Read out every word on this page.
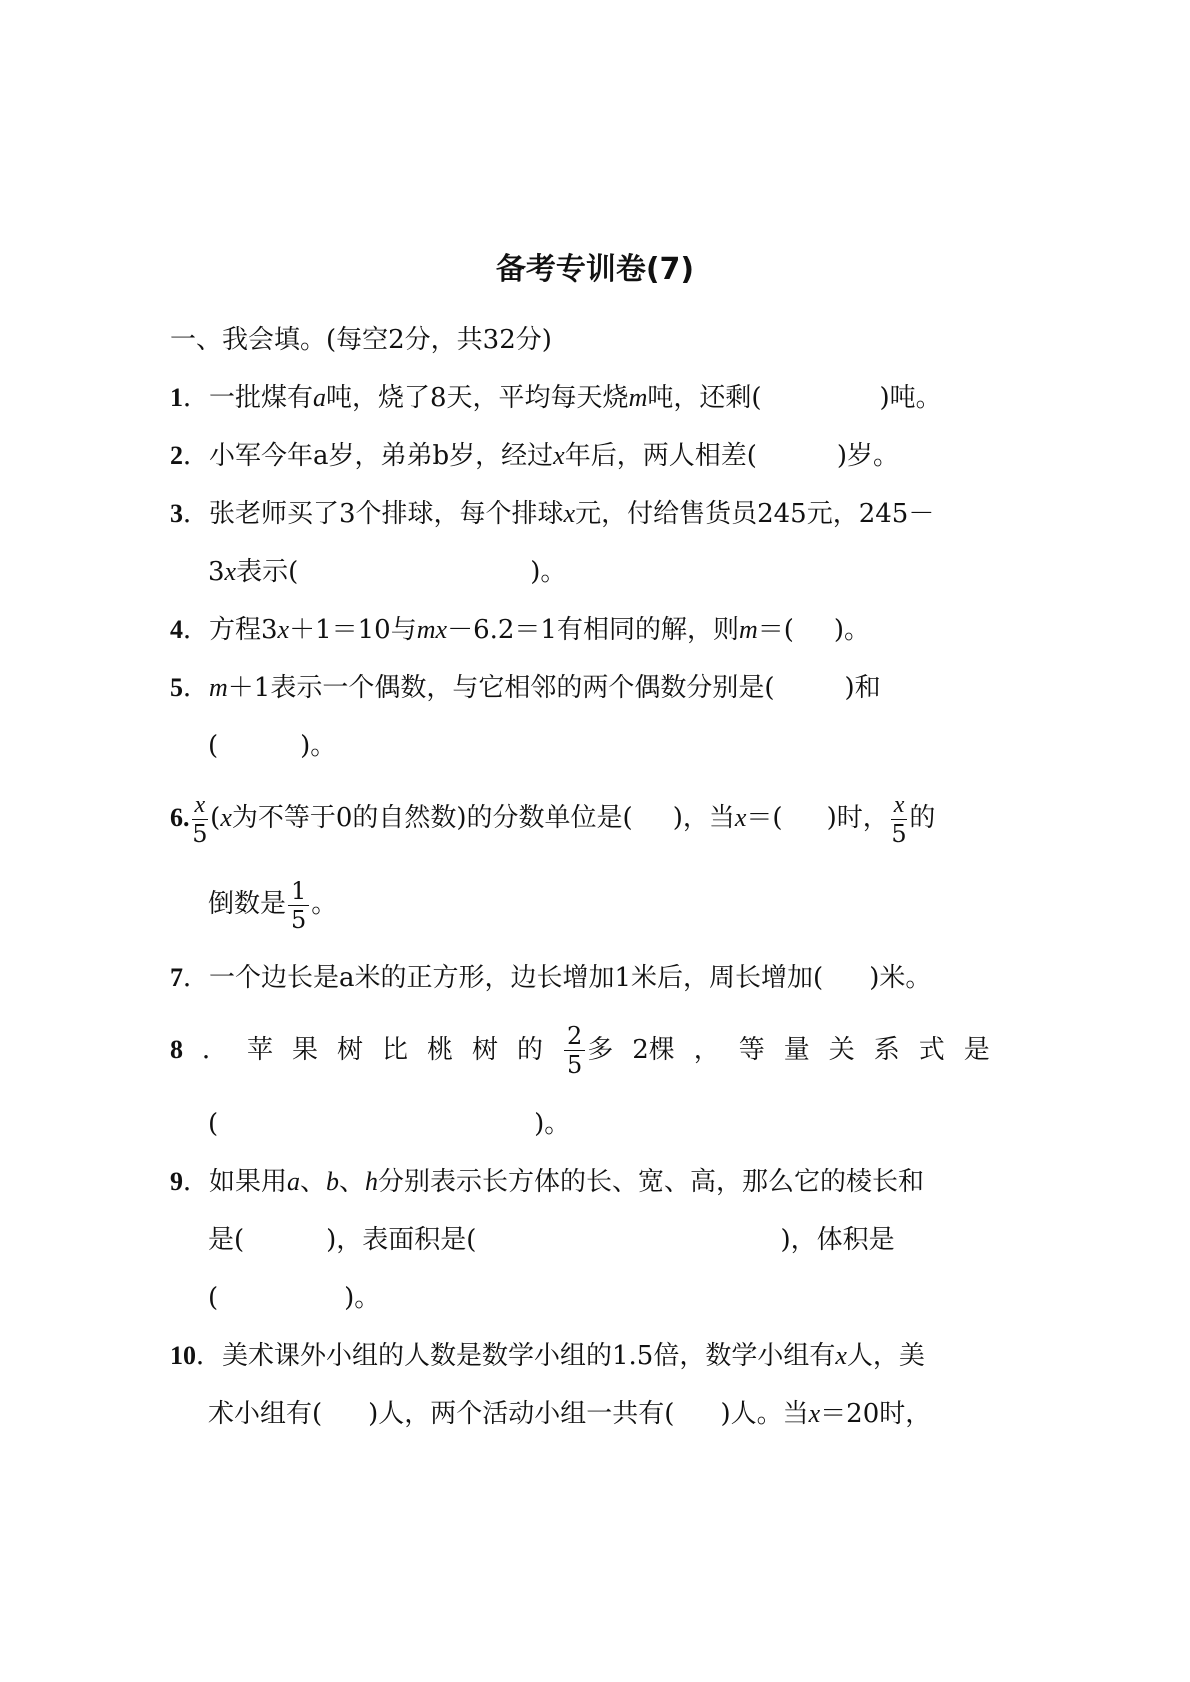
备考专训卷(7)
一、我会填。(每空2分，共32分)
1．一批煤有a吨，烧了8天，平均每天烧m吨，还剩(	)吨。
2．小军今年a岁，弟弟b岁，经过x年后，两人相差(	)岁。
3．张老师买了3个排球，每个排球x元，付给售货员245元，245－
3x表示(	)。
4．方程3x＋1＝10与mx－6.2＝1有相同的解，则m＝( )。
5．m＋1表示一个偶数，与它相邻的两个偶数分别是(	)和
(	)。
6. $\frac{x}{5} (x$为不等于0的自然数)的分数单位是( )，当x＝( )时， $\frac{x}{5}$ 的
倒数是 $\frac{1}{5}$ 。
7．一个边长是a米的正方形，边长增加1米后，周长增加( )米。
8 ． 苹 果 树 比 桃 树 的 $\frac{2}{5}$ 多 2棵 ， 等 量 关 系 式 是
(	)。
9．如果用a、b、h分别表示长方体的长、宽、高，那么它的棱长和
是(	)，表面积是(	)，体积是
(	)。
10．美术课外小组的人数是数学小组的1.5倍，数学小组有x人，美
术小组有( )人，两个活动小组一共有( )人。当x＝20时，
